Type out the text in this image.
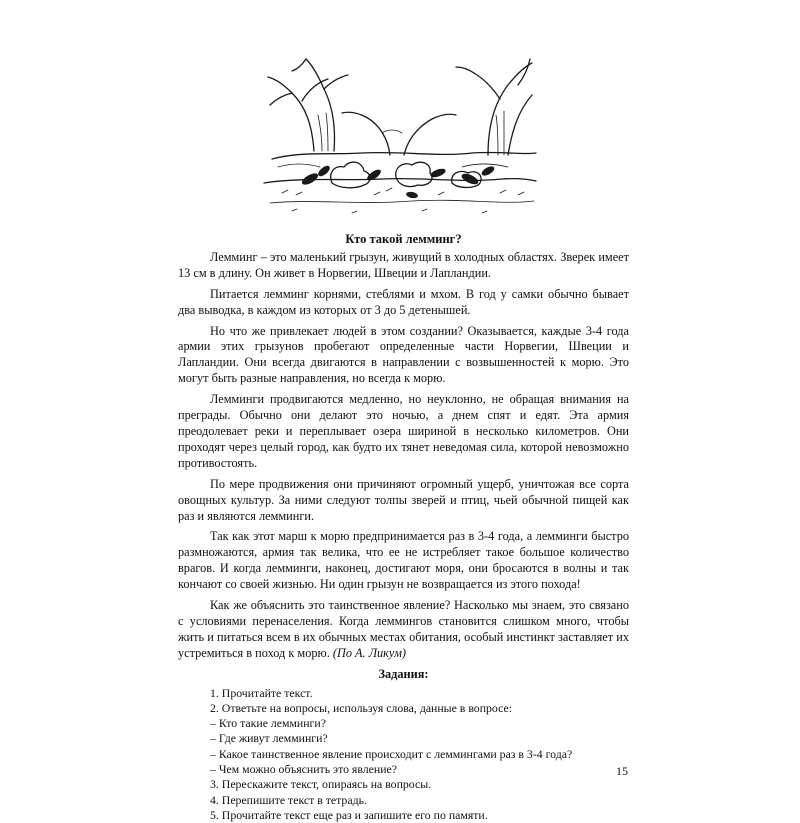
Кто такой лемминг?

Лемминг – это маленький грызун, живущий в холодных областях. Зверек имеет 13 см в длину. Он живет в Норвегии, Швеции и Лапландии.

Питается лемминг корнями, стеблями и мхом. В год у самки обычно бывает два выводка, в каждом из которых от 3 до 5 детенышей.

Но что же привлекает людей в этом создании? Оказывается, каждые 3-4 года армии этих грызунов пробегают определенные части Норвегии, Швеции и Лапландии. Они всегда двигаются в направлении с возвышенностей к морю. Это могут быть разные направления, но всегда к морю.

Лемминги продвигаются медленно, но неуклонно, не обращая внимания на преграды. Обычно они делают это ночью, а днем спят и едят. Эта армия преодолевает реки и переплывает озера шириной в несколько километров. Они проходят через целый город, как будто их тянет неведомая сила, которой невозможно противостоять.

По мере продвижения они причиняют огромный ущерб, уничтожая все сорта овощных культур. За ними следуют толпы зверей и птиц, чьей обычной пищей как раз и являются лемминги.

Так как этот марш к морю предпринимается раз в 3-4 года, а лемминги быстро размножаются, армия так велика, что ее не истребляет такое большое количество врагов. И когда лемминги, наконец, достигают моря, они бросаются в волны и так кончают со своей жизнью. Ни один грызун не возвращается из этого похода!

Как же объяснить это таинственное явление? Насколько мы знаем, это связано с условиями перенаселения. Когда леммингов становится слишком много, чтобы жить и питаться всем в их обычных местах обитания, особый инстинкт заставляет их устремиться в поход к морю. (По А. Ликум)

Задания:
1. Прочитайте текст.
2. Ответьте на вопросы, используя слова, данные в вопросе:
– Кто такие лемминги?
– Где живут лемминги?
– Какое таинственное явление происходит с леммингами раз в 3-4 года?
– Чем можно объяснить это явление?
3. Перескажите текст, опираясь на вопросы.
4. Перепишите текст в тетрадь.
5. Прочитайте текст еще раз и запишите его по памяти.
15
